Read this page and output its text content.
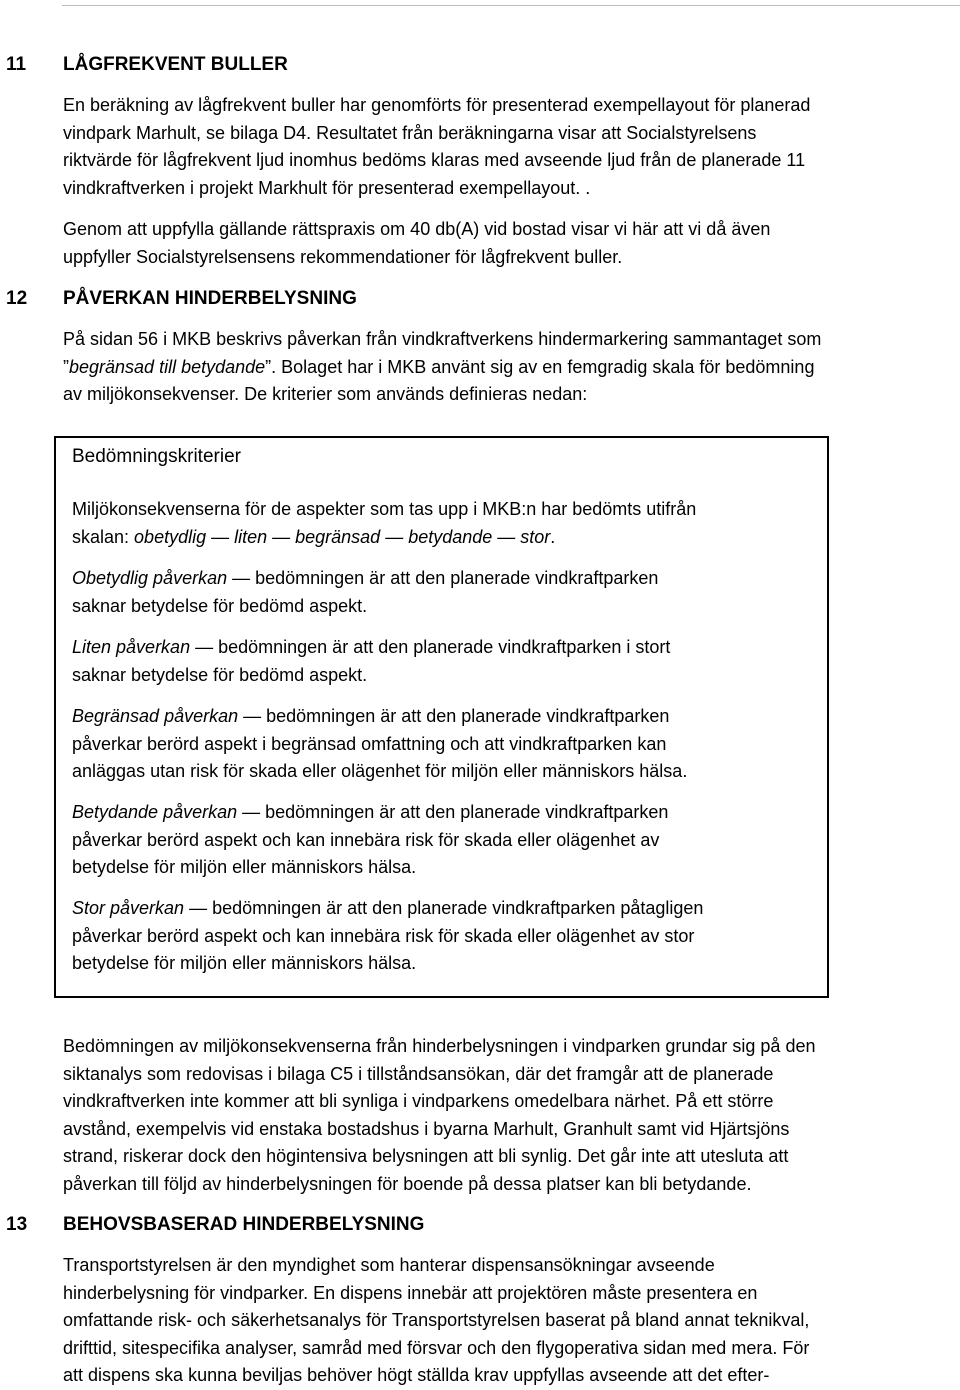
11 LÅGFREKVENT BULLER
En beräkning av lågfrekvent buller har genomförts för presenterad exempellayout för planerad
vindpark Marhult, se bilaga D4. Resultatet från beräkningarna visar att Socialstyrelsens
riktvärde för lågfrekvent ljud inomhus bedöms klaras med avseende ljud från de planerade 11
vindkraftverken i projekt Markhult för presenterad exempellayout. .
Genom att uppfylla gällande rättspraxis om 40 db(A) vid bostad visar vi här att vi då även
uppfyller Socialstyrelsensens rekommendationer för lågfrekvent buller.
12 PÅVERKAN HINDERBELYSNING
På sidan 56 i MKB beskrivs påverkan från vindkraftverkens hindermarkering sammantaget som
”begränsad till betydande”. Bolaget har i MKB använt sig av en femgradig skala för bedömning
av miljökonsekvenser. De kriterier som används definieras nedan:
Bedömningskriterier
Miljökonsekvenserna för de aspekter som tas upp i MKB:n har bedömts utifrån
skalan: obetydlig — liten — begränsad — betydande — stor.
Obetydlig påverkan — bedömningen är att den planerade vindkraftparken
saknar betydelse för bedömd aspekt.
Liten påverkan — bedömningen är att den planerade vindkraftparken i stort
saknar betydelse för bedömd aspekt.
Begränsad påverkan — bedömningen är att den planerade vindkraftparken
påverkar berörd aspekt i begränsad omfattning och att vindkraftparken kan
anläggas utan risk för skada eller olägenhet för miljön eller människors hälsa.
Betydande påverkan — bedömningen är att den planerade vindkraftparken
påverkar berörd aspekt och kan innebära risk för skada eller olägenhet av
betydelse för miljön eller människors hälsa.
Stor påverkan — bedömningen är att den planerade vindkraftparken påtagligen
påverkar berörd aspekt och kan innebära risk för skada eller olägenhet av stor
betydelse för miljön eller människors hälsa.
Bedömningen av miljökonsekvenserna från hinderbelysningen i vindparken grundar sig på den
siktanalys som redovisas i bilaga C5 i tillståndsansökan, där det framgår att de planerade
vindkraftverken inte kommer att bli synliga i vindparkens omedelbara närhet. På ett större
avstånd, exempelvis vid enstaka bostadshus i byarna Marhult, Granhult samt vid Hjärtsjöns
strand, riskerar dock den högintensiva belysningen att bli synlig. Det går inte att utesluta att
påverkan till följd av hinderbelysningen för boende på dessa platser kan bli betydande.
13 BEHOVSBASERAD HINDERBELYSNING
Transportstyrelsen är den myndighet som hanterar dispensansökningar avseende
hinderbelysning för vindparker. En dispens innebär att projektören måste presentera en
omfattande risk- och säkerhetsanalys för Transportstyrelsen baserat på bland annat teknikval,
drifttid, sitespecifika analyser, samråd med försvar och den flygoperativa sidan med mera. För
att dispens ska kunna beviljas behöver högt ställda krav uppfyllas avseende att det efter-
